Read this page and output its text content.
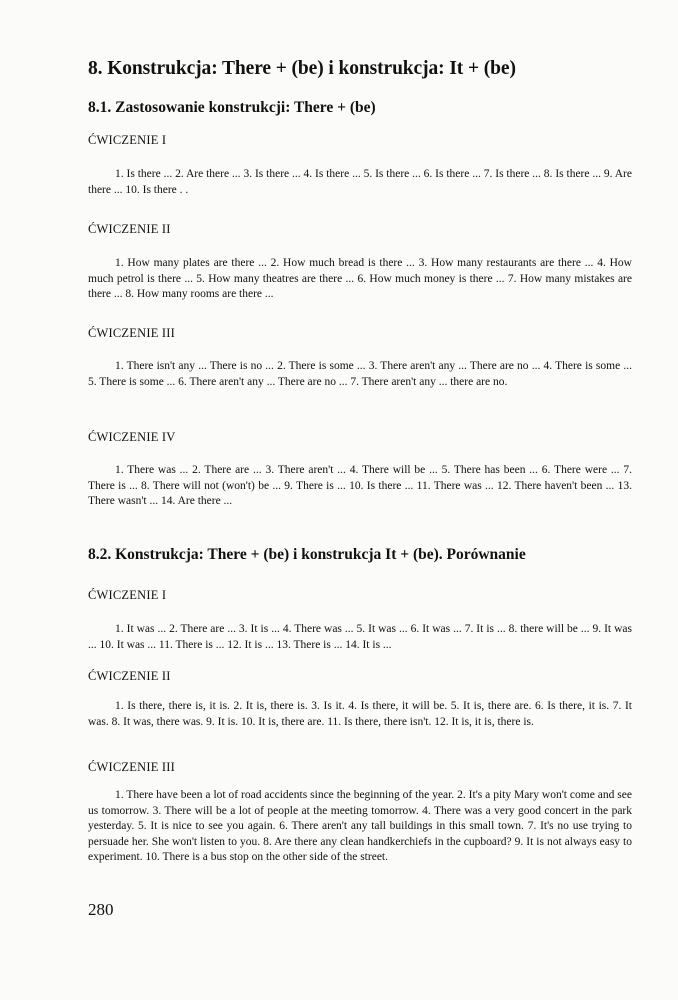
8. Konstrukcja: There + (be) i konstrukcja: It + (be)
8.1. Zastosowanie konstrukcji: There + (be)
ĆWICZENIE I

1. Is there ... 2. Are there ... 3. Is there ... 4. Is there ... 5. Is there ... 6. Is there ... 7. Is there ... 8. Is there ... 9. Are there ... 10. Is there . .

ĆWICZENIE II

1. How many plates are there ... 2. How much bread is there ... 3. How many restaurants are there ... 4. How much petrol is there ... 5. How many theatres are there ... 6. How much money is there ... 7. How many mistakes are there ... 8. How many rooms are there ...

ĆWICZENIE III

1. There isn't any ... There is no ... 2. There is some ... 3. There aren't any ... There are no ... 4. There is some ... 5. There is some ... 6. There aren't any ... There are no ... 7. There aren't any ... there are no.

ĆWICZENIE IV

1. There was ... 2. There are ... 3. There aren't ... 4. There will be ... 5. There has been ... 6. There were ... 7. There is ... 8. There will not (won't) be ... 9. There is ... 10. Is there ... 11. There was ... 12. There haven't been ... 13. There wasn't ... 14. Are there ...

8.2. Konstrukcja: There + (be) i konstrukcja It + (be). Porównanie
ĆWICZENIE I

1. It was ... 2. There are ... 3. It is ... 4. There was ... 5. It was ... 6. It was ... 7. It is ... 8. there will be ... 9. It was ... 10. It was ... 11. There is ... 12. It is ... 13. There is ... 14. It is ...

ĆWICZENIE II

1. Is there, there is, it is. 2. It is, there is. 3. Is it. 4. Is there, it will be. 5. It is, there are. 6. Is there, it is. 7. It was. 8. It was, there was. 9. It is. 10. It is, there are. 11. Is there, there isn't. 12. It is, it is, there is.

ĆWICZENIE III

1. There have been a lot of road accidents since the beginning of the year. 2. It's a pity Mary won't come and see us tomorrow. 3. There will be a lot of people at the meeting tomorrow. 4. There was a very good concert in the park yesterday. 5. It is nice to see you again. 6. There aren't any tall buildings in this small town. 7. It's no use trying to persuade her. She won't listen to you. 8. Are there any clean handkerchiefs in the cupboard? 9. It is not always easy to experiment. 10. There is a bus stop on the other side of the street.

280
